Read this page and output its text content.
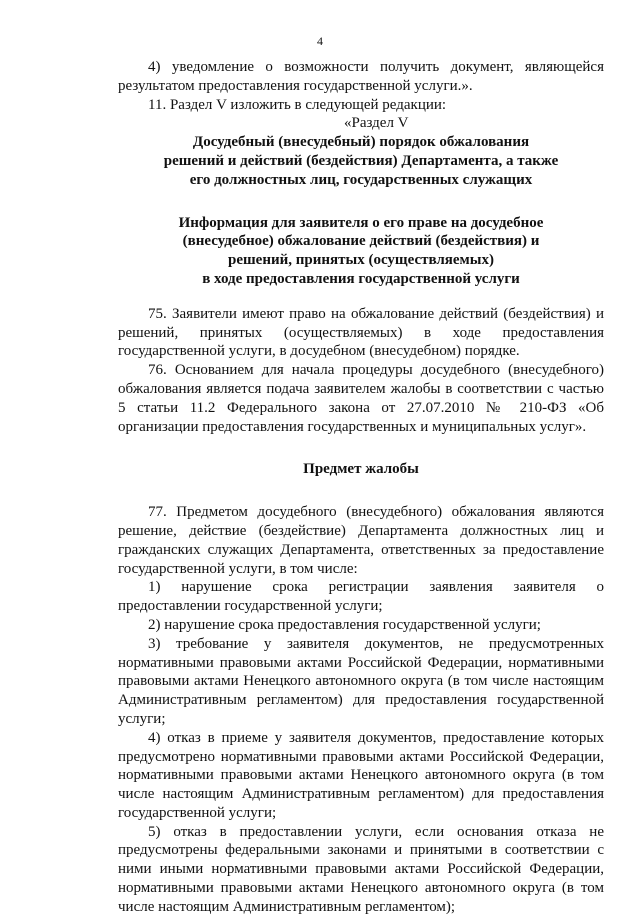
4

4) уведомление о возможности получить документ, являющейся результатом предоставления государственной услуги.».

11. Раздел V изложить в следующей редакции:

«Раздел V

Досудебный (внесудебный) порядок обжалования

решений и действий (бездействия) Департамента, а также

его должностных лиц, государственных служащих

Информация для заявителя о его праве на досудебное

(внесудебное) обжалование действий (бездействия) и

решений, принятых (осуществляемых)

в ходе предоставления государственной услуги

75. Заявители имеют право на обжалование действий (бездействия) и решений, принятых (осуществляемых) в ходе предоставления государственной услуги, в досудебном (внесудебном) порядке.

76. Основанием для начала процедуры досудебного (внесудебного) обжалования является подача заявителем жалобы в соответствии с частью 5 статьи 11.2 Федерального закона от 27.07.2010 № 210-ФЗ «Об организации предоставления государственных и муниципальных услуг».

Предмет жалобы

77. Предметом досудебного (внесудебного) обжалования являются решение, действие (бездействие) Департамента должностных лиц и гражданских служащих Департамента, ответственных за предоставление государственной услуги, в том числе:

1) нарушение срока регистрации заявления заявителя о предоставлении государственной услуги;

2) нарушение срока предоставления государственной услуги;

3) требование у заявителя документов, не предусмотренных нормативными правовыми актами Российской Федерации, нормативными правовыми актами Ненецкого автономного округа (в том числе настоящим Административным регламентом) для предоставления государственной услуги;

4) отказ в приеме у заявителя документов, предоставление которых предусмотрено нормативными правовыми актами Российской Федерации, нормативными правовыми актами Ненецкого автономного округа (в том числе настоящим Административным регламентом) для предоставления государственной услуги;

5) отказ в предоставлении услуги, если основания отказа не предусмотрены федеральными законами и принятыми в соответствии с ними иными нормативными правовыми актами Российской Федерации, нормативными правовыми актами Ненецкого автономного округа (в том числе настоящим Административным регламентом);
